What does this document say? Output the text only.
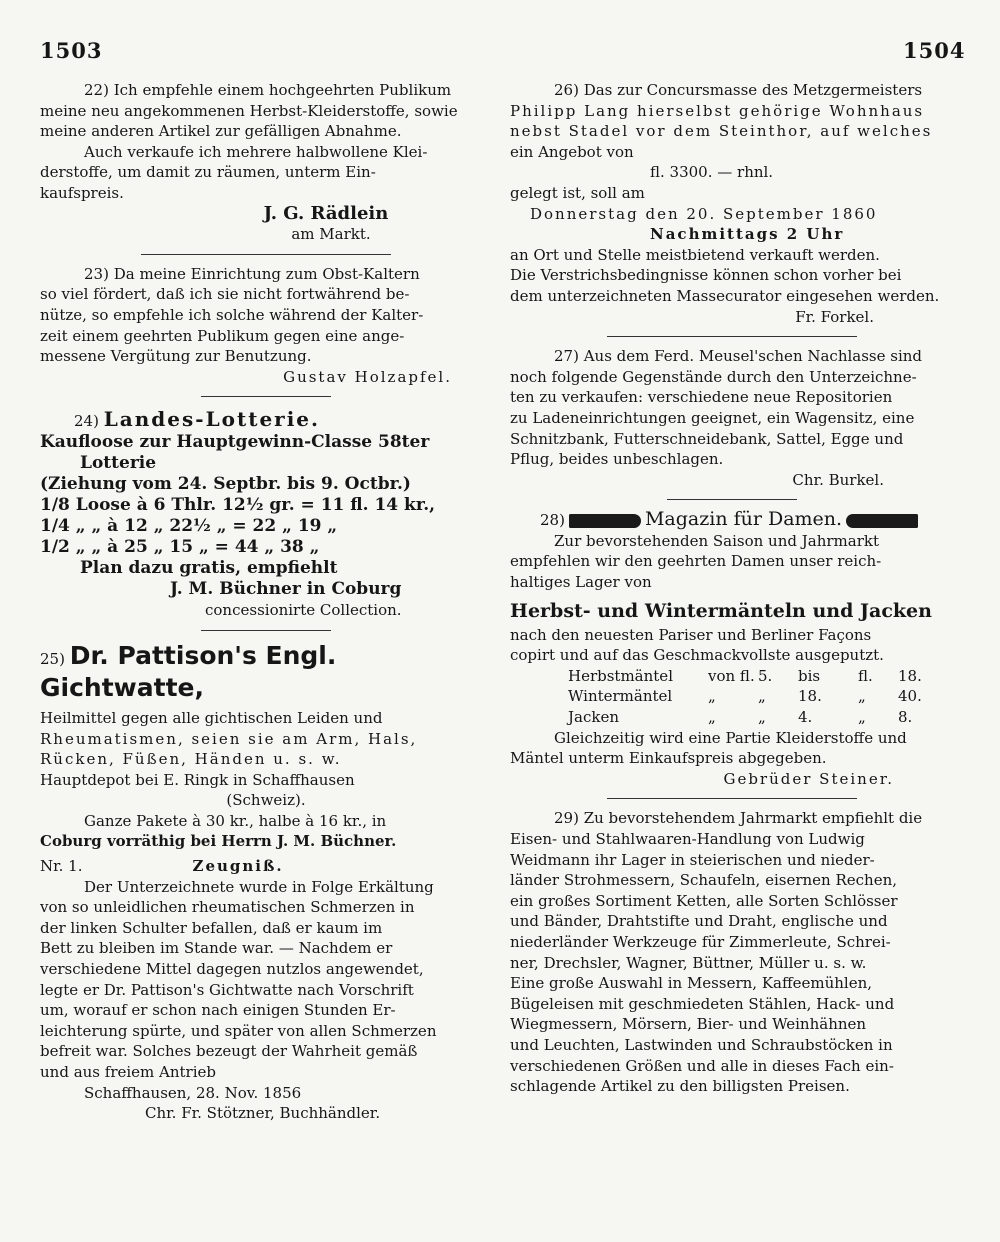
1503	1504

22) Ich empfehle einem hochgeehrten Publikum

meine neu angekommenen Herbst-Kleiderstoffe, sowie

meine anderen Artikel zur gefälligen Abnahme.

Auch verkaufe ich mehrere halbwollene Klei-

derstoffe, um damit zu räumen, unterm Ein-

kaufspreis.

J. G. Rädlein

am Markt.

23) Da meine Einrichtung zum Obst-Kaltern

so viel fördert, daß ich sie nicht fortwährend be-

nütze, so empfehle ich solche während der Kalter-

zeit einem geehrten Publikum gegen eine ange-

messene Vergütung zur Benutzung.

Gustav Holzapfel.

24) Landes-Lotterie.

Kaufloose zur Hauptgewinn-Classe 58ter

Lotterie

(Ziehung vom 24. Septbr. bis 9. Octbr.)

1/8 Loose à 6 Thlr. 12½ gr. = 11 fl. 14 kr.,

1/4 „ „ à 12 „ 22½ „ = 22 „ 19 „

1/2 „ „ à 25 „ 15 „ = 44 „ 38 „

Plan dazu gratis, empfiehlt

J. M. Büchner in Coburg

concessionirte Collection.

25) Dr. Pattison's Engl. Gichtwatte,

Heilmittel gegen alle gichtischen Leiden und

Rheumatismen, seien sie am Arm, Hals,

Rücken, Füßen, Händen u. s. w.

Hauptdepot bei E. Ringk in Schaffhausen

(Schweiz).

Ganze Pakete à 30 kr., halbe à 16 kr., in

Coburg vorräthig bei Herrn J. M. Büchner.

Nr. 1.	Zeugniß.

Der Unterzeichnete wurde in Folge Erkältung

von so unleidlichen rheumatischen Schmerzen in

der linken Schulter befallen, daß er kaum im

Bett zu bleiben im Stande war. — Nachdem er

verschiedene Mittel dagegen nutzlos angewendet,

legte er Dr. Pattison's Gichtwatte nach Vorschrift

um, worauf er schon nach einigen Stunden Er-

leichterung spürte, und später von allen Schmerzen

befreit war. Solches bezeugt der Wahrheit gemäß

und aus freiem Antrieb

Schaffhausen, 28. Nov. 1856

Chr. Fr. Stötzner, Buchhändler.

26) Das zur Concursmasse des Metzgermeisters

Philipp Lang hierselbst gehörige Wohnhaus

nebst Stadel vor dem Steinthor, auf welches

ein Angebot von

fl. 3300. — rhnl.

gelegt ist, soll am

Donnerstag den 20. September 1860

Nachmittags 2 Uhr

an Ort und Stelle meistbietend verkauft werden.

Die Verstrichsbedingnisse können schon vorher bei

dem unterzeichneten Massecurator eingesehen werden.

Fr. Forkel.

27) Aus dem Ferd. Meusel'schen Nachlasse sind

noch folgende Gegenstände durch den Unterzeichne-

ten zu verkaufen: verschiedene neue Repositorien

zu Ladeneinrichtungen geeignet, ein Wagensitz, eine

Schnitzbank, Futterschneidebank, Sattel, Egge und

Pflug, beides unbeschlagen.

Chr. Burkel.

28)	Magazin für Damen.

Zur bevorstehenden Saison und Jahrmarkt

empfehlen wir den geehrten Damen unser reich-

haltiges Lager von

Herbst- und Wintermänteln und Jacken

nach den neuesten Pariser und Berliner Façons

copirt und auf das Geschmackvollste ausgeputzt.

Herbstmäntel	von fl. 5.	bis	fl.	18.
Wintermäntel	„	„	18.	„	40.
Jacken	„	„	4.	„	8.

Gleichzeitig wird eine Partie Kleiderstoffe und

Mäntel unterm Einkaufspreis abgegeben.

Gebrüder Steiner.

29) Zu bevorstehendem Jahrmarkt empfiehlt die

Eisen- und Stahlwaaren-Handlung von Ludwig

Weidmann ihr Lager in steierischen und nieder-

länder Strohmessern, Schaufeln, eisernen Rechen,

ein großes Sortiment Ketten, alle Sorten Schlösser

und Bänder, Drahtstifte und Draht, englische und

niederländer Werkzeuge für Zimmerleute, Schrei-

ner, Drechsler, Wagner, Büttner, Müller u. s. w.

Eine große Auswahl in Messern, Kaffeemühlen,

Bügeleisen mit geschmiedeten Stählen, Hack- und

Wiegmessern, Mörsern, Bier- und Weinhähnen

und Leuchten, Lastwinden und Schraubstöcken in

verschiedenen Größen und alle in dieses Fach ein-

schlagende Artikel zu den billigsten Preisen.
